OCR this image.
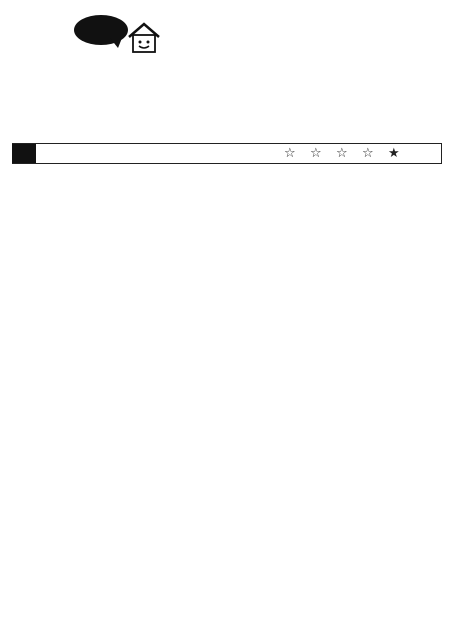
☆ ☆ ☆ ☆ ★
